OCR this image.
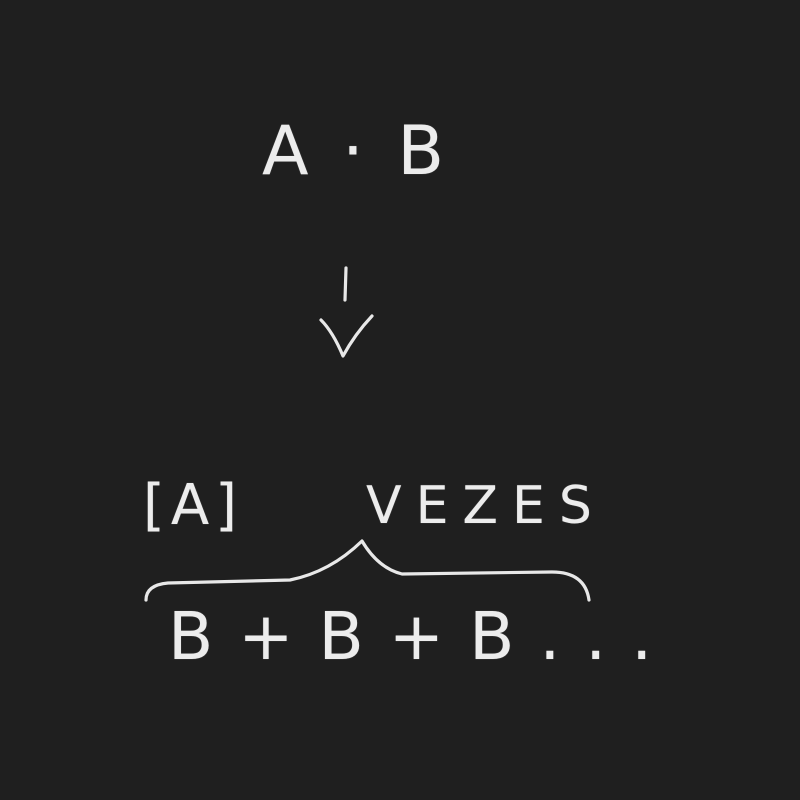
A · B
[A] VEZES
B + B + B . . .
